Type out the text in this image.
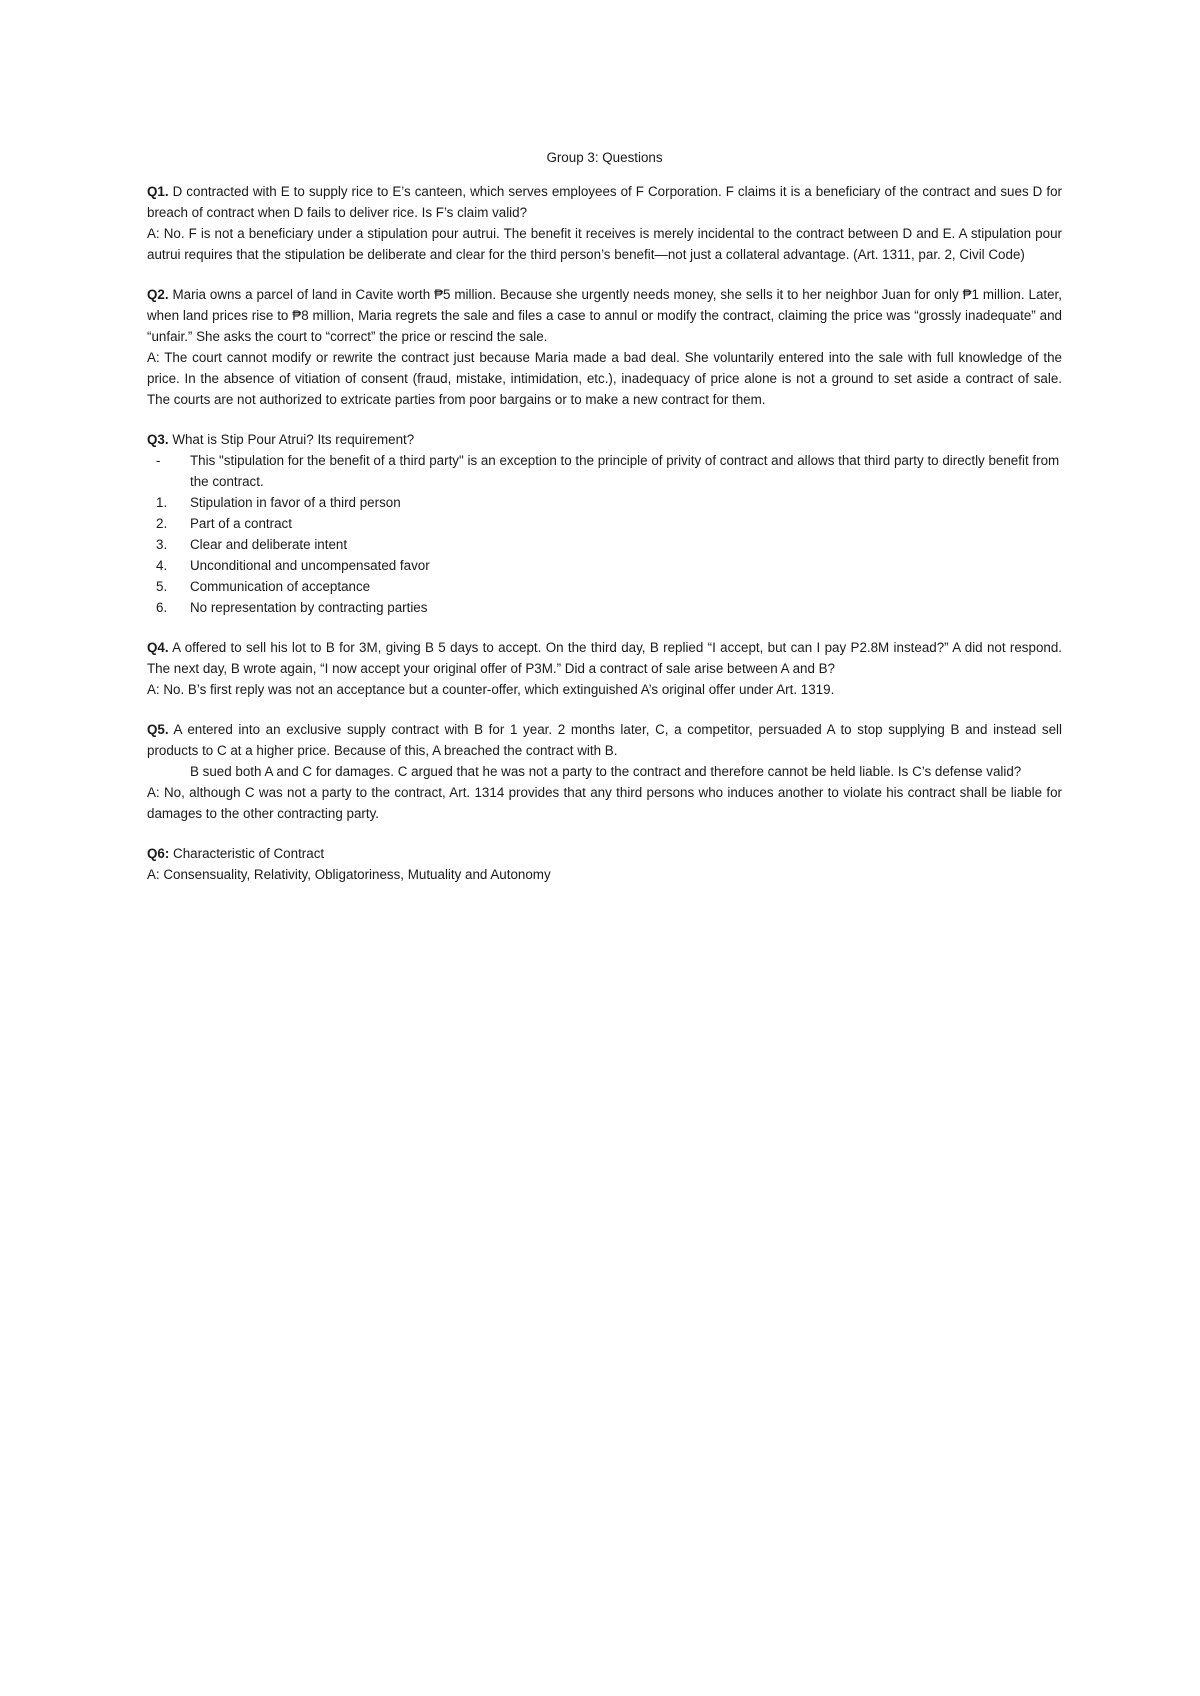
Group 3: Questions

Q1. D contracted with E to supply rice to E’s canteen, which serves employees of F Corporation. F claims it is a beneficiary of the contract and sues D for breach of contract when D fails to deliver rice. Is F’s claim valid?

A: No. F is not a beneficiary under a stipulation pour autrui. The benefit it receives is merely incidental to the contract between D and E. A stipulation pour autrui requires that the stipulation be deliberate and clear for the third person’s benefit—not just a collateral advantage. (Art. 1311, par. 2, Civil Code)

Q2. Maria owns a parcel of land in Cavite worth ₱5 million. Because she urgently needs money, she sells it to her neighbor Juan for only ₱1 million. Later, when land prices rise to ₱8 million, Maria regrets the sale and files a case to annul or modify the contract, claiming the price was “grossly inadequate” and “unfair.” She asks the court to “correct” the price or rescind the sale.

A: The court cannot modify or rewrite the contract just because Maria made a bad deal. She voluntarily entered into the sale with full knowledge of the price. In the absence of vitiation of consent (fraud, mistake, intimidation, etc.), inadequacy of price alone is not a ground to set aside a contract of sale. The courts are not authorized to extricate parties from poor bargains or to make a new contract for them.

Q3. What is Stip Pour Atrui? Its requirement?

- This "stipulation for the benefit of a third party" is an exception to the principle of privity of contract and allows that third party to directly benefit from the contract.
1. Stipulation in favor of a third person
2. Part of a contract
3. Clear and deliberate intent
4. Unconditional and uncompensated favor
5. Communication of acceptance
6. No representation by contracting parties

Q4. A offered to sell his lot to B for 3M, giving B 5 days to accept. On the third day, B replied “I accept, but can I pay P2.8M instead?” A did not respond. The next day, B wrote again, “I now accept your original offer of P3M.” Did a contract of sale arise between A and B?

A: No. B’s first reply was not an acceptance but a counter-offer, which extinguished A’s original offer under Art. 1319.

Q5. A entered into an exclusive supply contract with B for 1 year. 2 months later, C, a competitor, persuaded A to stop supplying B and instead sell products to C at a higher price. Because of this, A breached the contract with B.

B sued both A and C for damages. C argued that he was not a party to the contract and therefore cannot be held liable. Is C’s defense valid?

A: No, although C was not a party to the contract, Art. 1314 provides that any third persons who induces another to violate his contract shall be liable for damages to the other contracting party.

Q6: Characteristic of Contract

A: Consensuality, Relativity, Obligatoriness, Mutuality and Autonomy
